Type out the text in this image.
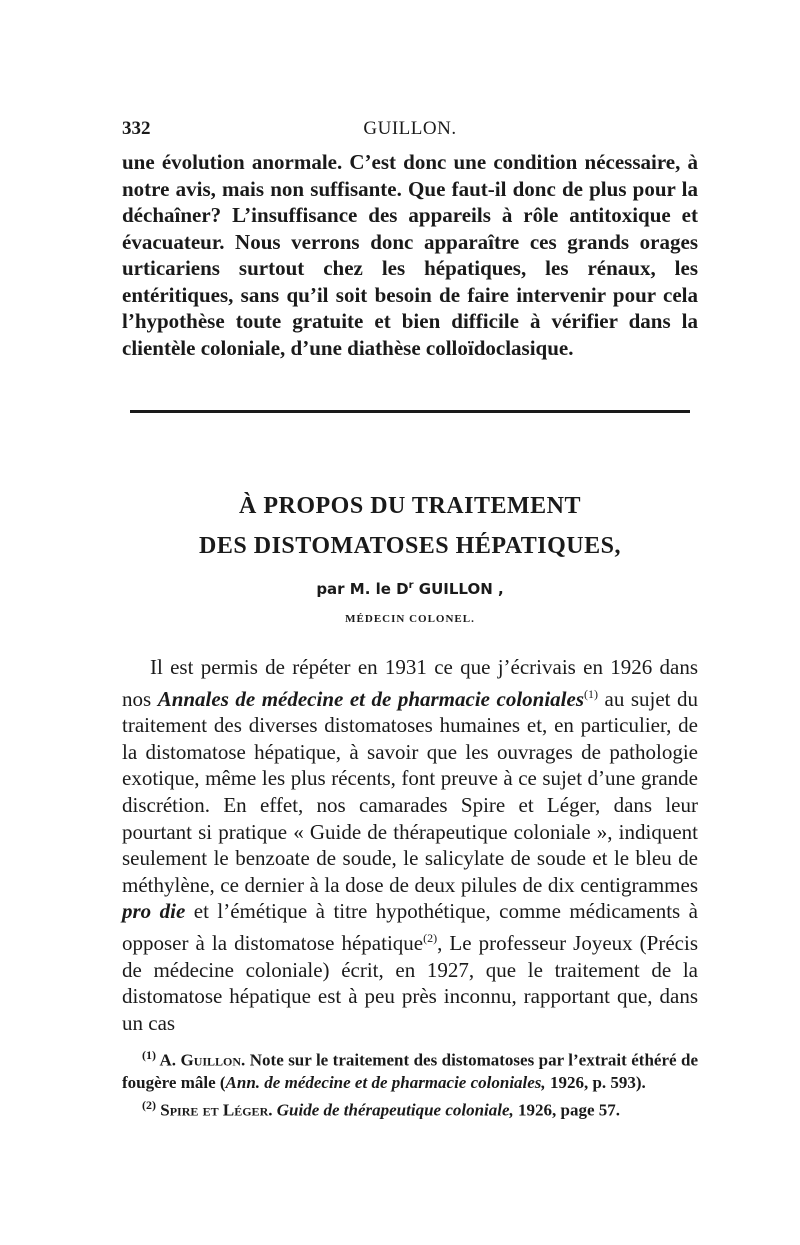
332	GUILLON.

une évolution anormale. C’est donc une condition nécessaire, à notre avis, mais non suffisante. Que faut-il donc de plus pour la déchaîner? L’insuffisance des appareils à rôle antitoxique et évacuateur. Nous verrons donc apparaître ces grands orages urticariens surtout chez les hépatiques, les rénaux, les entéritiques, sans qu’il soit besoin de faire intervenir pour cela l’hypothèse toute gratuite et bien difficile à vérifier dans la clientèle coloniale, d’une diathèse colloïdoclasique.

À PROPOS DU TRAITEMENT
DES DISTOMATOSES HÉPATIQUES,
par M. le $D^r$ GUILLON ,
MÉDECIN COLONEL.

Il est permis de répéter en 1931 ce que j’écrivais en 1926 dans nos Annales de médecine et de pharmacie coloniales$^{(1)}$ au sujet du traitement des diverses distomatoses humaines et, en particulier, de la distomatose hépatique, à savoir que les ouvrages de pathologie exotique, même les plus récents, font preuve à ce sujet d’une grande discrétion. En effet, nos camarades Spire et Léger, dans leur pourtant si pratique « Guide de thérapeutique coloniale », indiquent seulement le benzoate de soude, le salicylate de soude et le bleu de méthylène, ce dernier à la dose de deux pilules de dix centigrammes pro die et l’émétique à titre hypothétique, comme médicaments à opposer à la distomatose hépatique$^{(2)}$, Le professeur Joyeux (Précis de médecine coloniale) écrit, en 1927, que le traitement de la distomatose hépatique est à peu près inconnu, rapportant que, dans un cas

$^{(1)}$ A. Guillon. Note sur le traitement des distomatoses par l’extrait éthéré de fougère mâle (Ann. de médecine et de pharmacie coloniales, 1926, p. 593).

$^{(2)}$ Spire et Léger. Guide de thérapeutique coloniale, 1926, page 57.
